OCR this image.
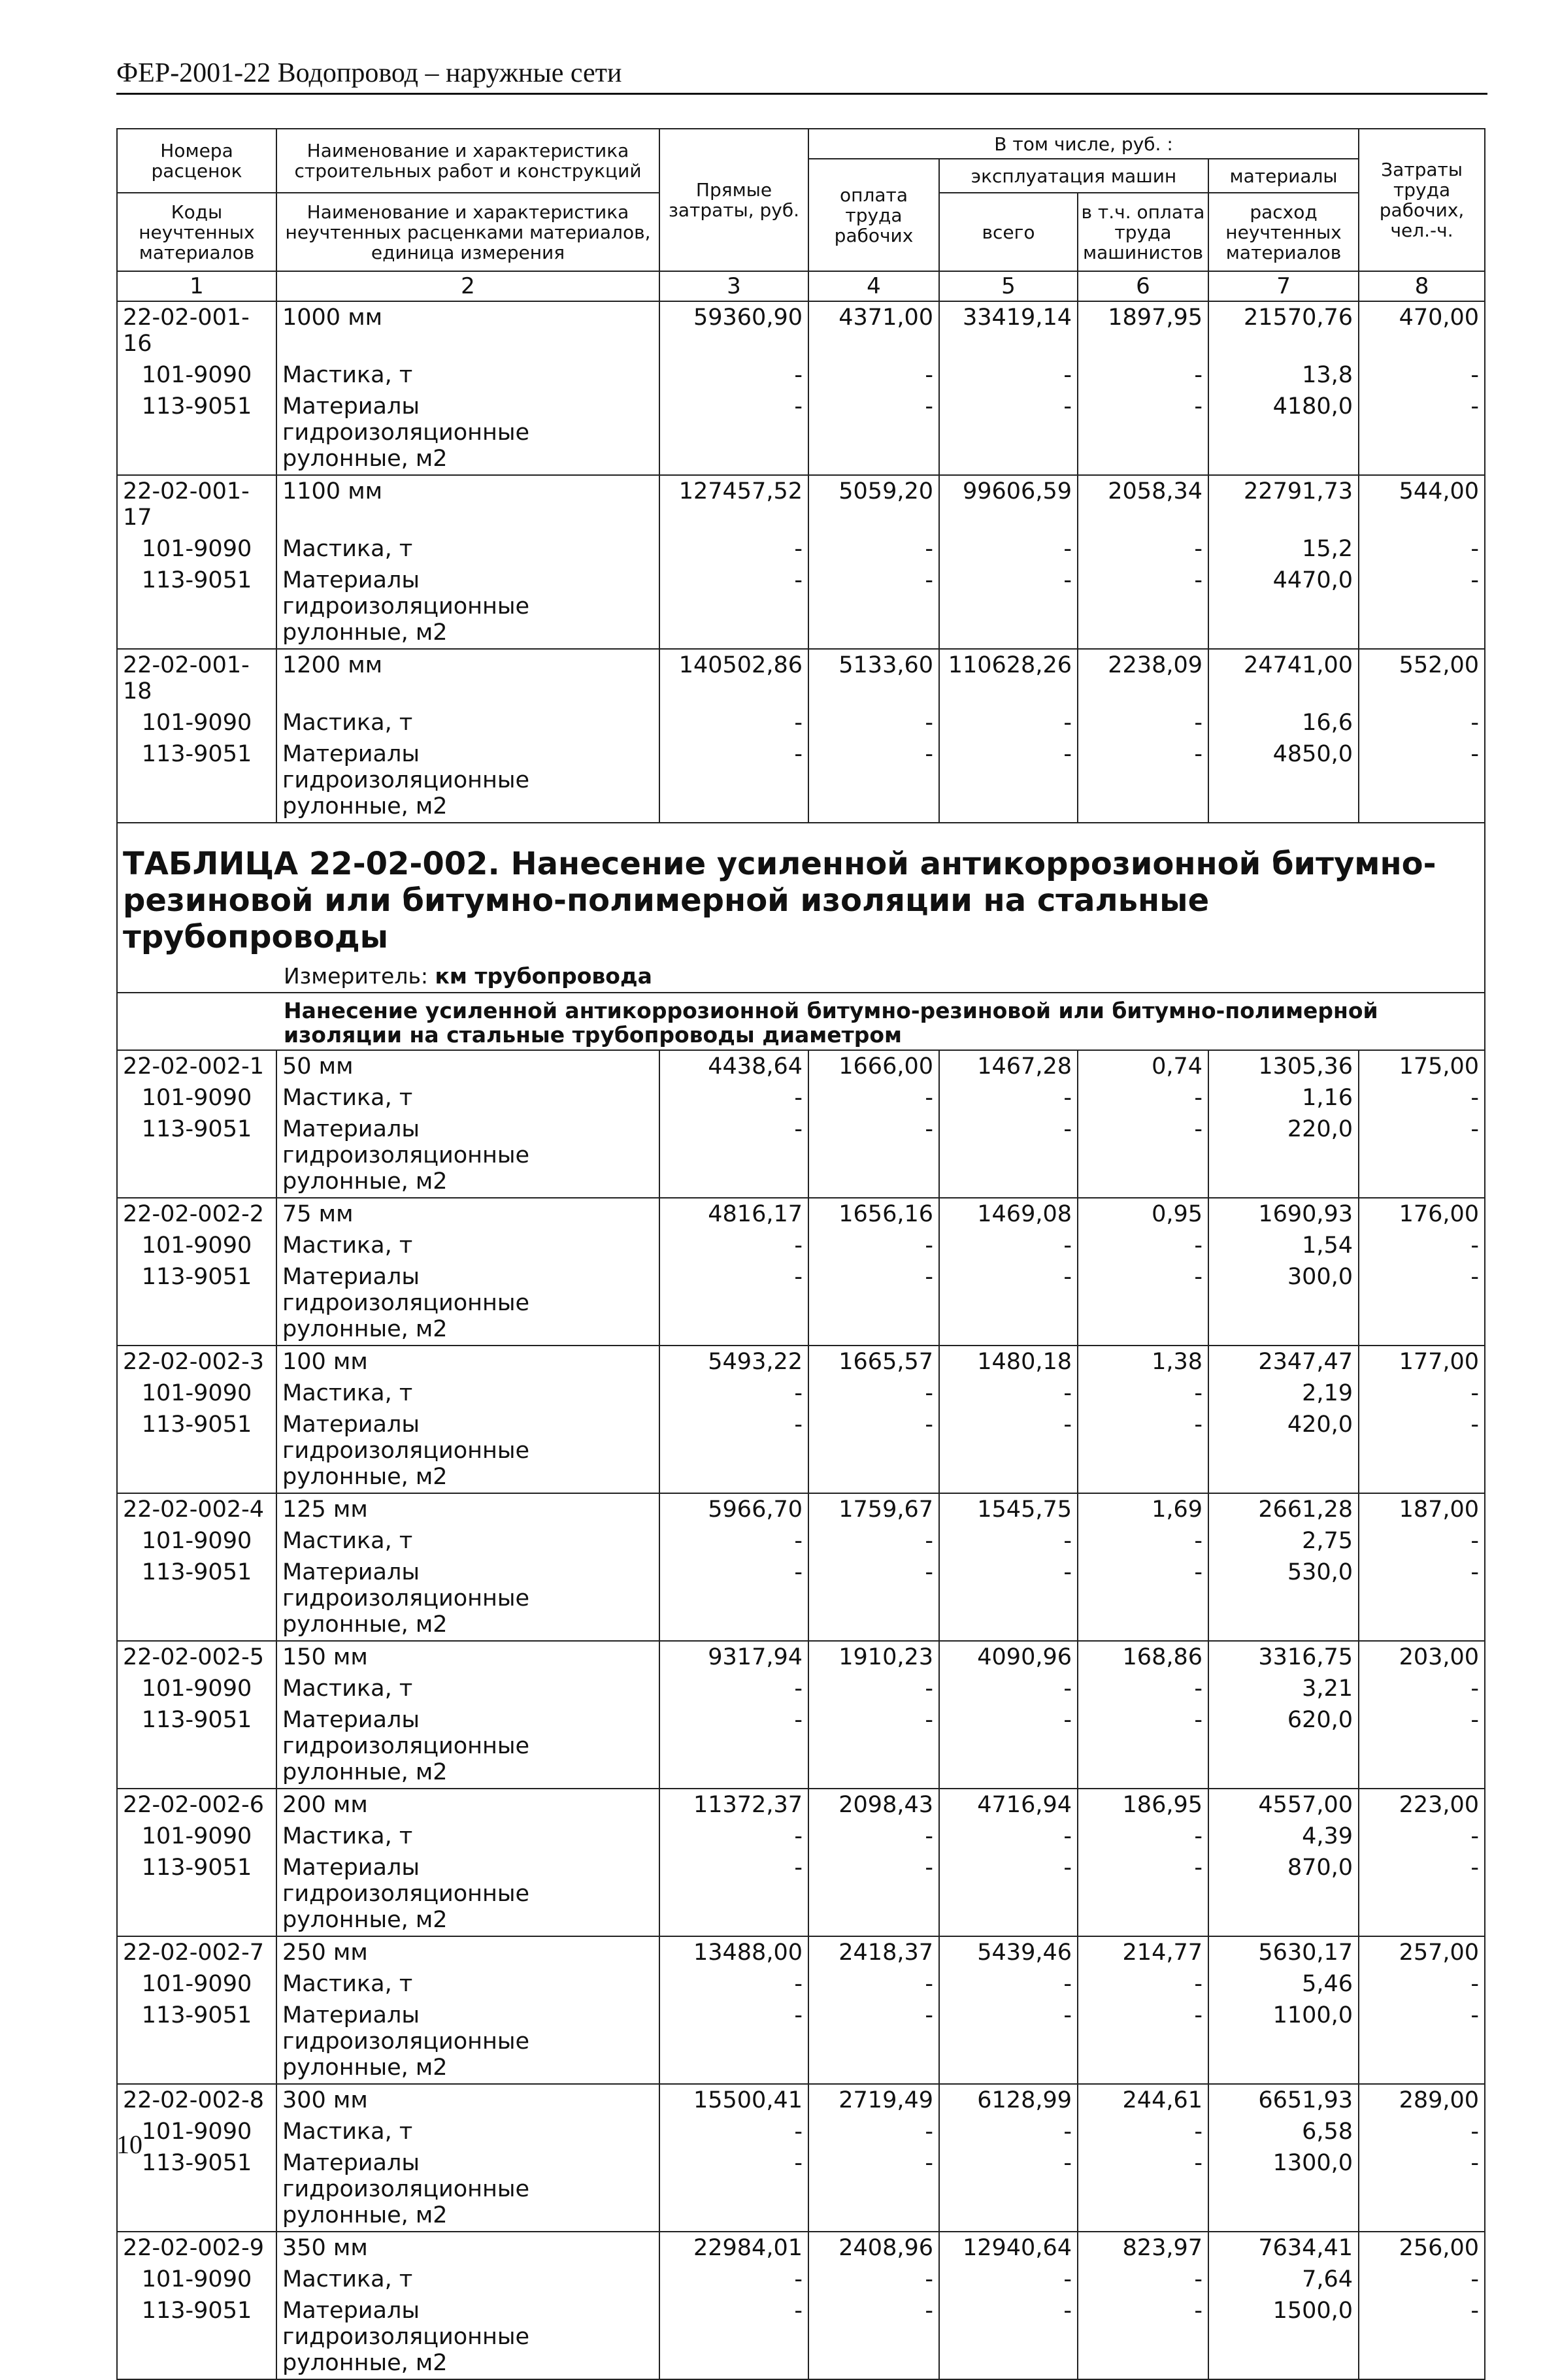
ФЕР-2001-22 Водопровод – наружные сети
Номера расценок	Наименование и характеристика строительных работ и конструкций	Прямые затраты, руб.	В том числе, руб. :				Затраты труда рабочих, чел.-ч.
			оплата труда рабочих	эксплуатация машин		материалы	
Коды неучтенных материалов	Наименование и характеристика неучтенных расценками материалов, единица измерения			всего	в т.ч. оплата труда машинистов	расход неучтенных материалов	

1	2	3	4	5	6	7	8
22-02-001-16	1000 мм	59360,90	4371,00	33419,14	1897,95	21570,76	470,00
101-9090	Мастика, т	-	-	-	-	13,8	-
113-9051	Материалы гидроизоляционные рулонные, м2	-	-	-	-	4180,0	-
22-02-001-17	1100 мм	127457,52	5059,20	99606,59	2058,34	22791,73	544,00
101-9090	Мастика, т	-	-	-	-	15,2	-
113-9051	Материалы гидроизоляционные рулонные, м2	-	-	-	-	4470,0	-
22-02-001-18	1200 мм	140502,86	5133,60	110628,26	2238,09	24741,00	552,00
101-9090	Мастика, т	-	-	-	-	16,6	-
113-9051	Материалы гидроизоляционные рулонные, м2	-	-	-	-	4850,0	-
ТАБЛИЦА 22-02-002. Нанесение усиленной антикоррозионной битумно-резиновой или битумно-полимерной изоляции на стальные трубопроводы							
Измеритель: км трубопровода							
Нанесение усиленной антикоррозионной битумно-резиновой или битумно-полимерной изоляции на стальные трубопроводы диаметром							
22-02-002-1	50 мм	4438,64	1666,00	1467,28	0,74	1305,36	175,00
101-9090	Мастика, т	-	-	-	-	1,16	-
113-9051	Материалы гидроизоляционные рулонные, м2	-	-	-	-	220,0	-
22-02-002-2	75 мм	4816,17	1656,16	1469,08	0,95	1690,93	176,00
101-9090	Мастика, т	-	-	-	-	1,54	-
113-9051	Материалы гидроизоляционные рулонные, м2	-	-	-	-	300,0	-
22-02-002-3	100 мм	5493,22	1665,57	1480,18	1,38	2347,47	177,00
101-9090	Мастика, т	-	-	-	-	2,19	-
113-9051	Материалы гидроизоляционные рулонные, м2	-	-	-	-	420,0	-
22-02-002-4	125 мм	5966,70	1759,67	1545,75	1,69	2661,28	187,00
101-9090	Мастика, т	-	-	-	-	2,75	-
113-9051	Материалы гидроизоляционные рулонные, м2	-	-	-	-	530,0	-
22-02-002-5	150 мм	9317,94	1910,23	4090,96	168,86	3316,75	203,00
101-9090	Мастика, т	-	-	-	-	3,21	-
113-9051	Материалы гидроизоляционные рулонные, м2	-	-	-	-	620,0	-
22-02-002-6	200 мм	11372,37	2098,43	4716,94	186,95	4557,00	223,00
101-9090	Мастика, т	-	-	-	-	4,39	-
113-9051	Материалы гидроизоляционные рулонные, м2	-	-	-	-	870,0	-
22-02-002-7	250 мм	13488,00	2418,37	5439,46	214,77	5630,17	257,00
101-9090	Мастика, т	-	-	-	-	5,46	-
113-9051	Материалы гидроизоляционные рулонные, м2	-	-	-	-	1100,0	-
22-02-002-8	300 мм	15500,41	2719,49	6128,99	244,61	6651,93	289,00
101-9090	Мастика, т	-	-	-	-	6,58	-
113-9051	Материалы гидроизоляционные рулонные, м2	-	-	-	-	1300,0	-
22-02-002-9	350 мм	22984,01	2408,96	12940,64	823,97	7634,41	256,00
101-9090	Мастика, т	-	-	-	-	7,64	-
113-9051	Материалы гидроизоляционные рулонные, м2	-	-	-	-	1500,0	-
10
